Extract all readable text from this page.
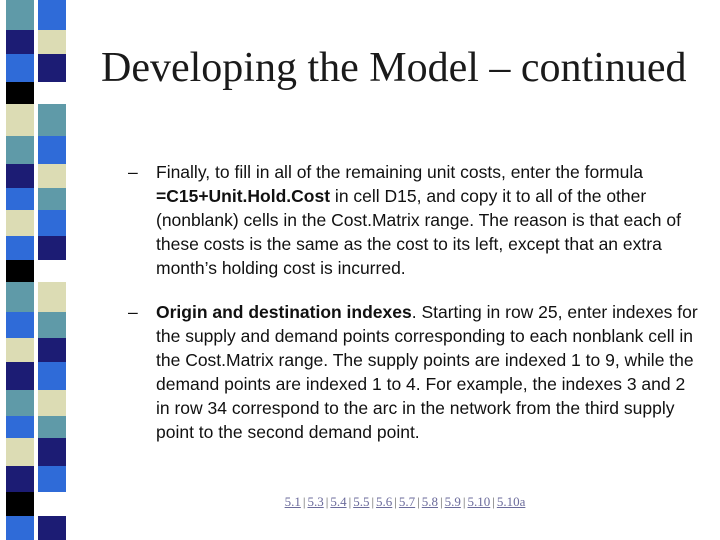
Developing the Model – continued
– Finally, to fill in all of the remaining unit costs, enter the formula =C15+Unit.Hold.Cost in cell D15, and copy it to all of the other (nonblank) cells in the Cost.Matrix range. The reason is that each of these costs is the same as the cost to its left, except that an extra month’s holding cost is incurred.
– Origin and destination indexes. Starting in row 25, enter indexes for the supply and demand points corresponding to each nonblank cell in the Cost.Matrix range. The supply points are indexed 1 to 9, while the demand points are indexed 1 to 4. For example, the indexes 3 and 2 in row 34 correspond to the arc in the network from the third supply point to the second demand point.
5.1 | 5.3 | 5.4 | 5.5 | 5.6 | 5.7 | 5.8 | 5.9 | 5.10 | 5.10a
